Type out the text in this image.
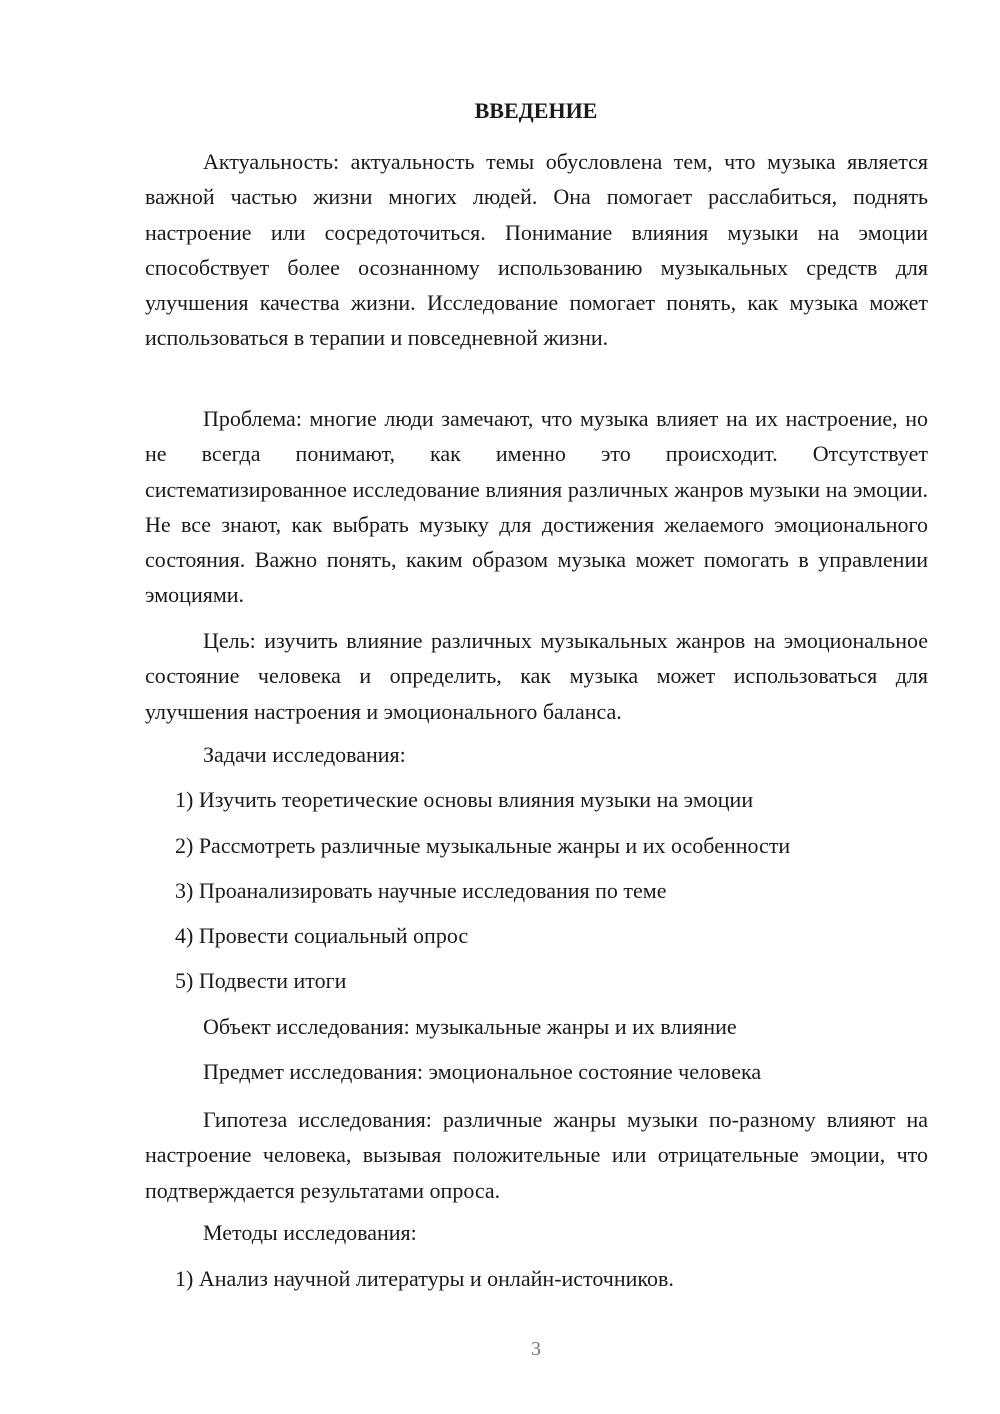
ВВЕДЕНИЕ
Актуальность: актуальность темы обусловлена тем, что музыка является важной частью жизни многих людей. Она помогает расслабиться, поднять настроение или сосредоточиться. Понимание влияния музыки на эмоции способствует более осознанному использованию музыкальных средств для улучшения качества жизни. Исследование помогает понять, как музыка может использоваться в терапии и повседневной жизни.
Проблема: многие люди замечают, что музыка влияет на их настроение, но не всегда понимают, как именно это происходит. Отсутствует систематизированное исследование влияния различных жанров музыки на эмоции. Не все знают, как выбрать музыку для достижения желаемого эмоционального состояния. Важно понять, каким образом музыка может помогать в управлении эмоциями.
Цель: изучить влияние различных музыкальных жанров на эмоциональное состояние человека и определить, как музыка может использоваться для улучшения настроения и эмоционального баланса.
Задачи исследования:
1) Изучить теоретические основы влияния музыки на эмоции
2) Рассмотреть различные музыкальные жанры и их особенности
3) Проанализировать научные исследования по теме
4) Провести социальный опрос
5) Подвести итоги
Объект исследования: музыкальные жанры и их влияние
Предмет исследования: эмоциональное состояние человека
Гипотеза исследования: различные жанры музыки по-разному влияют на настроение человека, вызывая положительные или отрицательные эмоции, что подтверждается результатами опроса.
Методы исследования:
1) Анализ научной литературы и онлайн-источников.
3
